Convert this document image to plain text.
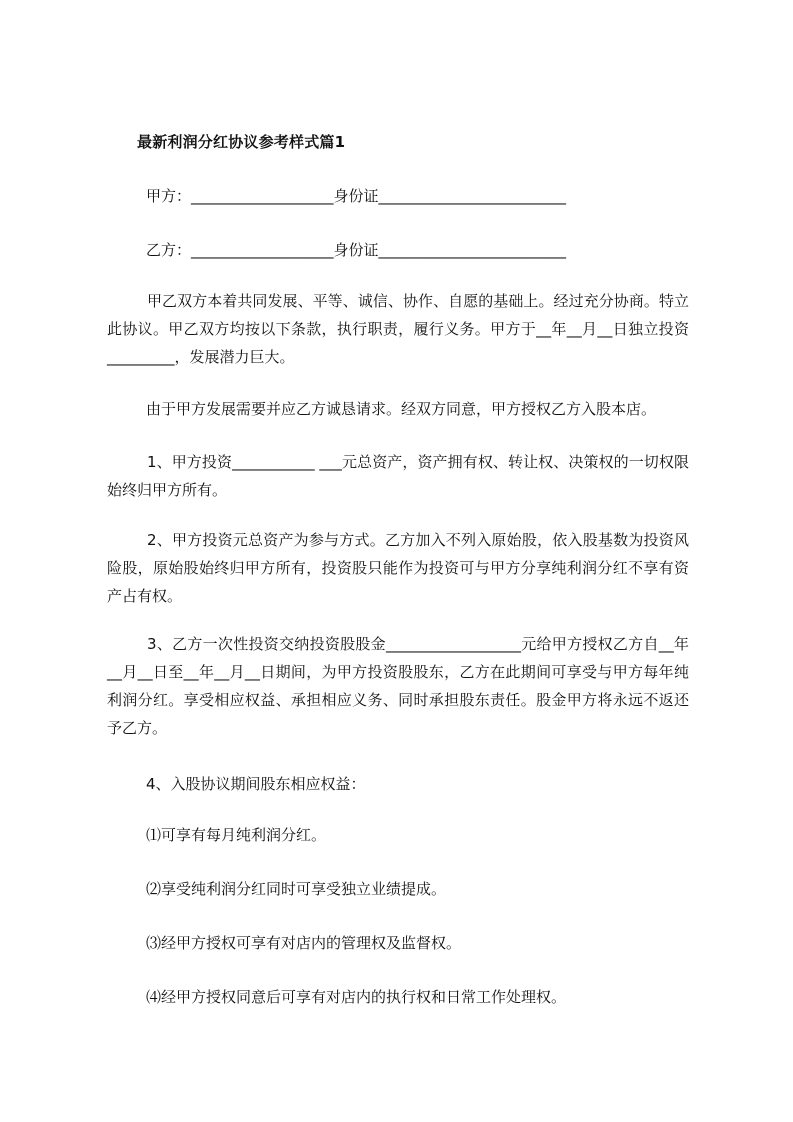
最新利润分红协议参考样式篇1
甲方：___________________身份证_________________________
乙方：___________________身份证_________________________
甲乙双方本着共同发展、平等、诚信、协作、自愿的基础上。经过充分协商。特立此协议。甲乙双方均按以下条款，执行职责，履行义务。甲方于__年__月__日独立投资_________，发展潜力巨大。
由于甲方发展需要并应乙方诚恳请求。经双方同意，甲方授权乙方入股本店。
1、甲方投资___________ ___元总资产，资产拥有权、转让权、决策权的一切权限始终归甲方所有。
2、甲方投资元总资产为参与方式。乙方加入不列入原始股，依入股基数为投资风险股，原始股始终归甲方所有，投资股只能作为投资可与甲方分享纯利润分红不享有资产占有权。
3、乙方一次性投资交纳投资股股金__________________元给甲方授权乙方自__年__月__日至__年__月__日期间，为甲方投资股股东，乙方在此期间可享受与甲方每年纯利润分红。享受相应权益、承担相应义务、同时承担股东责任。股金甲方将永远不返还予乙方。
4、入股协议期间股东相应权益：
⑴可享有每月纯利润分红。
⑵享受纯利润分红同时可享受独立业绩提成。
⑶经甲方授权可享有对店内的管理权及监督权。
⑷经甲方授权同意后可享有对店内的执行权和日常工作处理权。
